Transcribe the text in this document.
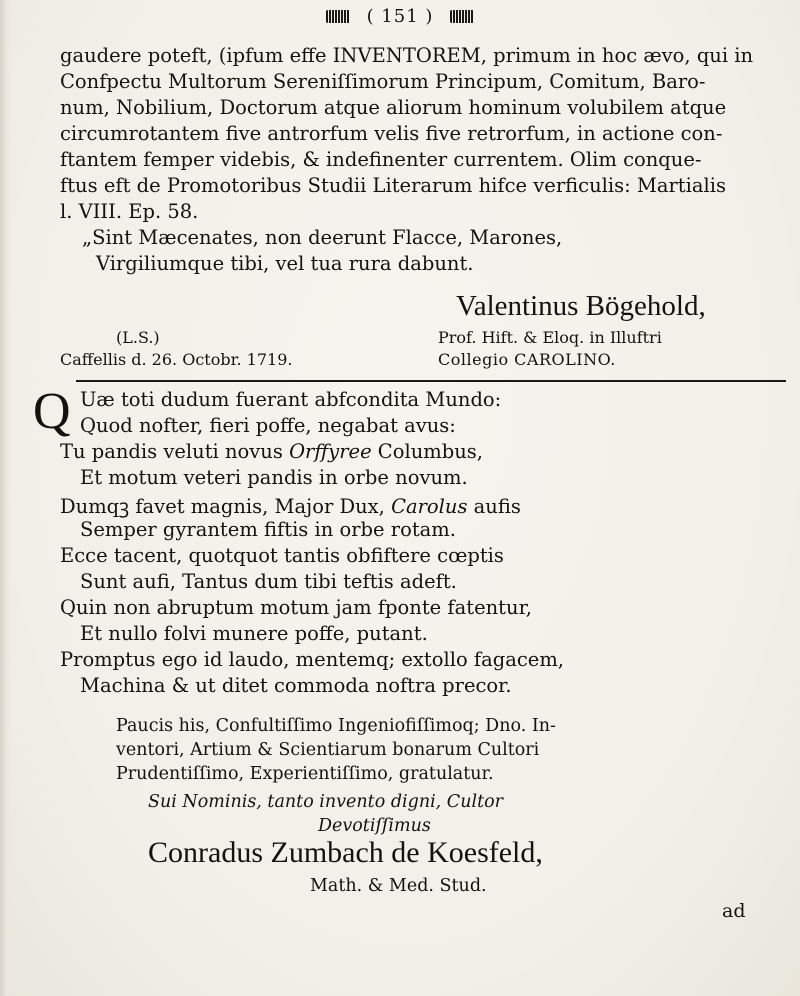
( 151 )
gaudere poteft, (ipfum effe INVENTOREM, primum in hoc ævo, qui in
Confpectu Multorum Sereniſſimorum Principum, Comitum, Baro-
num, Nobilium, Doctorum atque aliorum hominum volubilem atque
circumrotantem five antrorfum velis five retrorfum, in actione con-
ftantem femper videbis, & indefinenter currentem. Olim conque-
ftus eft de Promotoribus Studii Literarum hifce verficulis: Martialis
l. VIII. Ep. 58.
„Sint Mæcenates, non deerunt Flacce, Marones,
Virgiliumque tibi, vel tua rura dabunt.
Valentinus Bögehold,
(L.S.)	Prof. Hift. & Eloq. in Illuftri
Caffellis d. 26. Octobr. 1719.	Collegio CAROLINO.
Q Uæ toti dudum fuerant abfcondita Mundo:
Quod nofter, fieri poffe, negabat avus:
Tu pandis veluti novus Orffyree Columbus,
Et motum veteri pandis in orbe novum.
Dumqꝫ favet magnis, Major Dux, Carolus aufis
Semper gyrantem fiftis in orbe rotam.
Ecce tacent, quotquot tantis obfiftere cœptis
Sunt aufi, Tantus dum tibi teftis adeft.
Quin non abruptum motum jam fponte fatentur,
Et nullo folvi munere poffe, putant.
Promptus ego id laudo, mentemq; extollo fagacem,
Machina & ut ditet commoda noftra precor.
Paucis his, Confultiſſimo Ingeniofiſſimoq; Dno. In-
ventori, Artium & Scientiarum bonarum Cultori
Prudentiſſimo, Experientiſſimo, gratulatur.
Sui Nominis, tanto invento digni, Cultor
Devotiſſimus
Conradus Zumbach de Koesfeld,
Math. & Med. Stud.
ad
